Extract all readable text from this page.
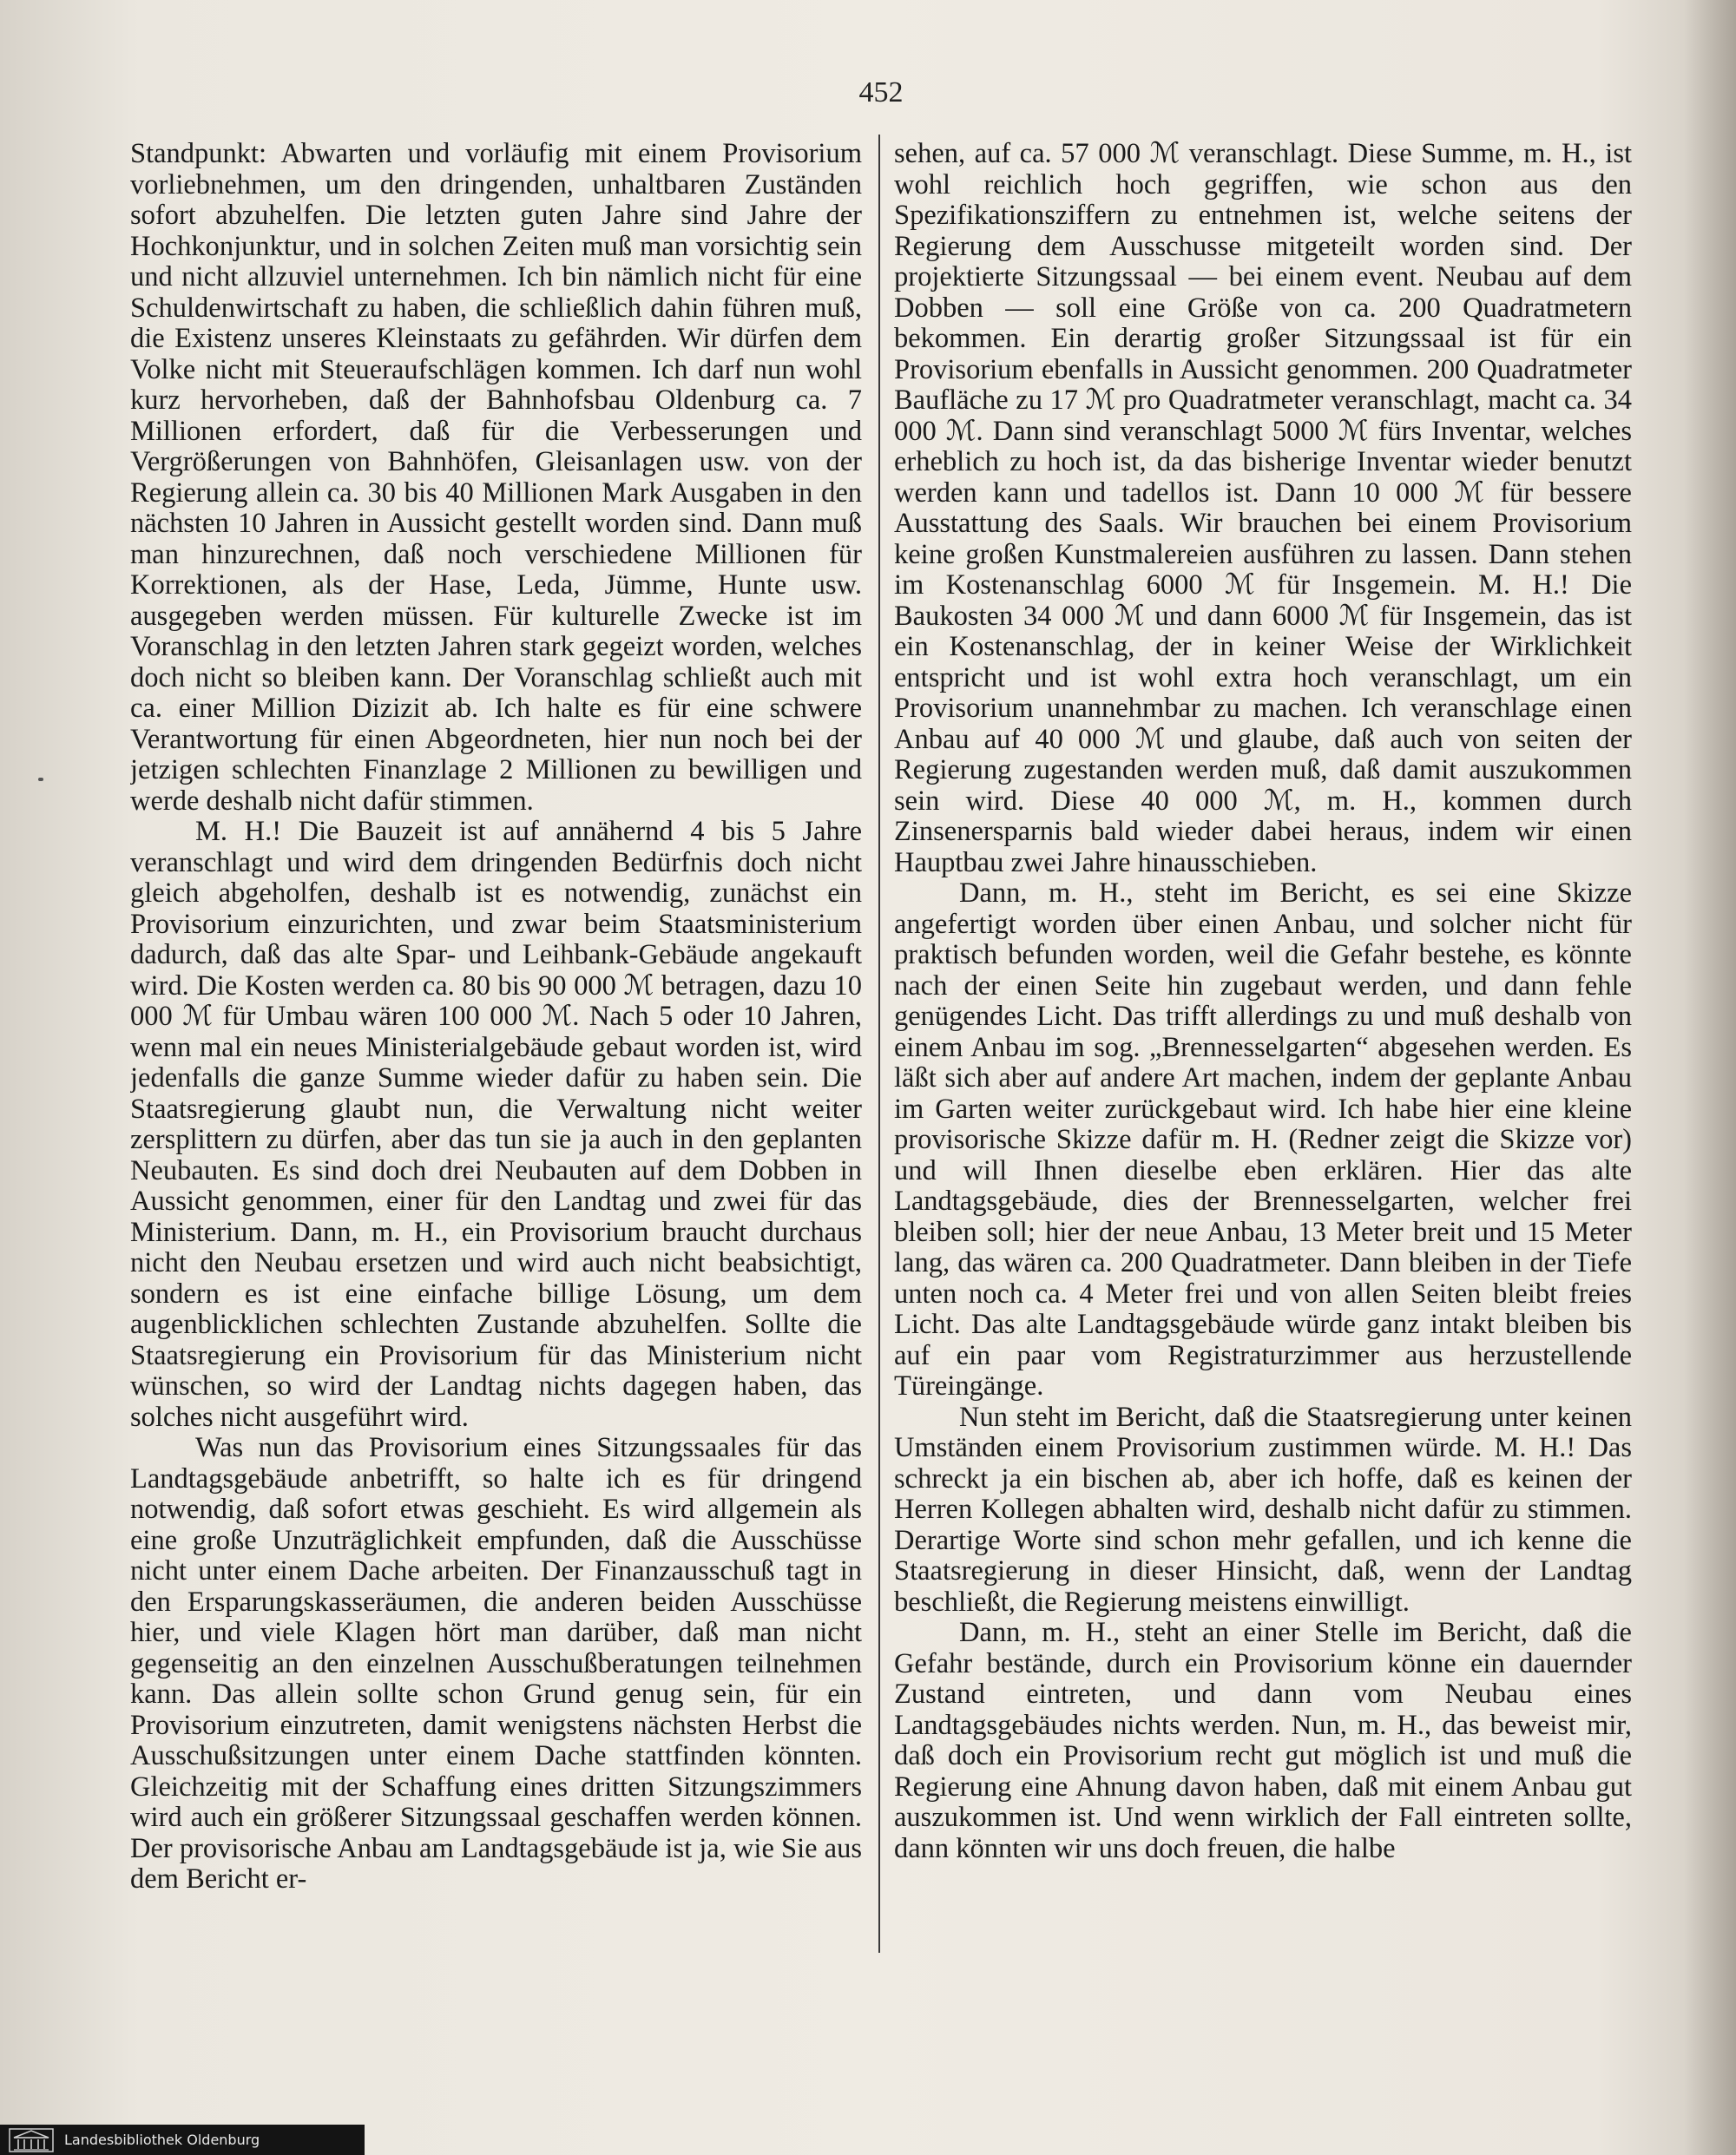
452

Standpunkt: Abwarten und vorläufig mit einem Provisorium vorliebnehmen, um den dringenden, unhaltbaren Zuständen sofort abzuhelfen. Die letzten guten Jahre sind Jahre der Hochkonjunktur, und in solchen Zeiten muß man vorsichtig sein und nicht allzuviel unternehmen. Ich bin nämlich nicht für eine Schuldenwirtschaft zu haben, die schließlich dahin führen muß, die Existenz unseres Kleinstaats zu gefährden. Wir dürfen dem Volke nicht mit Steueraufschlägen kommen. Ich darf nun wohl kurz hervorheben, daß der Bahnhofsbau Oldenburg ca. 7 Millionen erfordert, daß für die Verbesserungen und Vergrößerungen von Bahnhöfen, Gleisanlagen usw. von der Regierung allein ca. 30 bis 40 Millionen Mark Ausgaben in den nächsten 10 Jahren in Aussicht gestellt worden sind. Dann muß man hinzurechnen, daß noch verschiedene Millionen für Korrektionen, als der Hase, Leda, Jümme, Hunte usw. ausgegeben werden müssen. Für kulturelle Zwecke ist im Voranschlag in den letzten Jahren stark gegeizt worden, welches doch nicht so bleiben kann. Der Voranschlag schließt auch mit ca. einer Million Dizizit ab. Ich halte es für eine schwere Verantwortung für einen Abgeordneten, hier nun noch bei der jetzigen schlechten Finanzlage 2 Millionen zu bewilligen und werde deshalb nicht dafür stimmen.

M. H.! Die Bauzeit ist auf annähernd 4 bis 5 Jahre veranschlagt und wird dem dringenden Bedürfnis doch nicht gleich abgeholfen, deshalb ist es notwendig, zunächst ein Provisorium einzurichten, und zwar beim Staatsministerium dadurch, daß das alte Spar- und Leihbank-Gebäude angekauft wird. Die Kosten werden ca. 80 bis 90 000 ℳ betragen, dazu 10 000 ℳ für Umbau wären 100 000 ℳ. Nach 5 oder 10 Jahren, wenn mal ein neues Ministerialgebäude gebaut worden ist, wird jedenfalls die ganze Summe wieder dafür zu haben sein. Die Staatsregierung glaubt nun, die Verwaltung nicht weiter zersplittern zu dürfen, aber das tun sie ja auch in den geplanten Neubauten. Es sind doch drei Neubauten auf dem Dobben in Aussicht genommen, einer für den Landtag und zwei für das Ministerium. Dann, m. H., ein Provisorium braucht durchaus nicht den Neubau ersetzen und wird auch nicht beabsichtigt, sondern es ist eine einfache billige Lösung, um dem augenblicklichen schlechten Zustande abzuhelfen. Sollte die Staatsregierung ein Provisorium für das Ministerium nicht wünschen, so wird der Landtag nichts dagegen haben, das solches nicht ausgeführt wird.

Was nun das Provisorium eines Sitzungssaales für das Landtagsgebäude anbetrifft, so halte ich es für dringend notwendig, daß sofort etwas geschieht. Es wird allgemein als eine große Unzuträglichkeit empfunden, daß die Ausschüsse nicht unter einem Dache arbeiten. Der Finanzausschuß tagt in den Ersparungskasseräumen, die anderen beiden Ausschüsse hier, und viele Klagen hört man darüber, daß man nicht gegenseitig an den einzelnen Ausschußberatungen teilnehmen kann. Das allein sollte schon Grund genug sein, für ein Provisorium einzutreten, damit wenigstens nächsten Herbst die Ausschußsitzungen unter einem Dache stattfinden könnten. Gleichzeitig mit der Schaffung eines dritten Sitzungszimmers wird auch ein größerer Sitzungssaal geschaffen werden können. Der provisorische Anbau am Landtagsgebäude ist ja, wie Sie aus dem Bericht er-

sehen, auf ca. 57 000 ℳ veranschlagt. Diese Summe, m. H., ist wohl reichlich hoch gegriffen, wie schon aus den Spezifikationsziffern zu entnehmen ist, welche seitens der Regierung dem Ausschusse mitgeteilt worden sind. Der projektierte Sitzungssaal — bei einem event. Neubau auf dem Dobben — soll eine Größe von ca. 200 Quadratmetern bekommen. Ein derartig großer Sitzungssaal ist für ein Provisorium ebenfalls in Aussicht genommen. 200 Quadratmeter Baufläche zu 17 ℳ pro Quadratmeter veranschlagt, macht ca. 34 000 ℳ. Dann sind veranschlagt 5000 ℳ fürs Inventar, welches erheblich zu hoch ist, da das bisherige Inventar wieder benutzt werden kann und tadellos ist. Dann 10 000 ℳ für bessere Ausstattung des Saals. Wir brauchen bei einem Provisorium keine großen Kunstmalereien ausführen zu lassen. Dann stehen im Kostenanschlag 6000 ℳ für Insgemein. M. H.! Die Baukosten 34 000 ℳ und dann 6000 ℳ für Insgemein, das ist ein Kostenanschlag, der in keiner Weise der Wirklichkeit entspricht und ist wohl extra hoch veranschlagt, um ein Provisorium unannehmbar zu machen. Ich veranschlage einen Anbau auf 40 000 ℳ und glaube, daß auch von seiten der Regierung zugestanden werden muß, daß damit auszukommen sein wird. Diese 40 000 ℳ, m. H., kommen durch Zinsenersparnis bald wieder dabei heraus, indem wir einen Hauptbau zwei Jahre hinausschieben.

Dann, m. H., steht im Bericht, es sei eine Skizze angefertigt worden über einen Anbau, und solcher nicht für praktisch befunden worden, weil die Gefahr bestehe, es könnte nach der einen Seite hin zugebaut werden, und dann fehle genügendes Licht. Das trifft allerdings zu und muß deshalb von einem Anbau im sog. „Brennesselgarten“ abgesehen werden. Es läßt sich aber auf andere Art machen, indem der geplante Anbau im Garten weiter zurückgebaut wird. Ich habe hier eine kleine provisorische Skizze dafür m. H. (Redner zeigt die Skizze vor) und will Ihnen dieselbe eben erklären. Hier das alte Landtagsgebäude, dies der Brennesselgarten, welcher frei bleiben soll; hier der neue Anbau, 13 Meter breit und 15 Meter lang, das wären ca. 200 Quadratmeter. Dann bleiben in der Tiefe unten noch ca. 4 Meter frei und von allen Seiten bleibt freies Licht. Das alte Landtagsgebäude würde ganz intakt bleiben bis auf ein paar vom Registraturzimmer aus herzustellende Türeingänge.

Nun steht im Bericht, daß die Staatsregierung unter keinen Umständen einem Provisorium zustimmen würde. M. H.! Das schreckt ja ein bischen ab, aber ich hoffe, daß es keinen der Herren Kollegen abhalten wird, deshalb nicht dafür zu stimmen. Derartige Worte sind schon mehr gefallen, und ich kenne die Staatsregierung in dieser Hinsicht, daß, wenn der Landtag beschließt, die Regierung meistens einwilligt.

Dann, m. H., steht an einer Stelle im Bericht, daß die Gefahr bestände, durch ein Provisorium könne ein dauernder Zustand eintreten, und dann vom Neubau eines Landtagsgebäudes nichts werden. Nun, m. H., das beweist mir, daß doch ein Provisorium recht gut möglich ist und muß die Regierung eine Ahnung davon haben, daß mit einem Anbau gut auszukommen ist. Und wenn wirklich der Fall eintreten sollte, dann könnten wir uns doch freuen, die halbe

Landesbibliothek Oldenburg
